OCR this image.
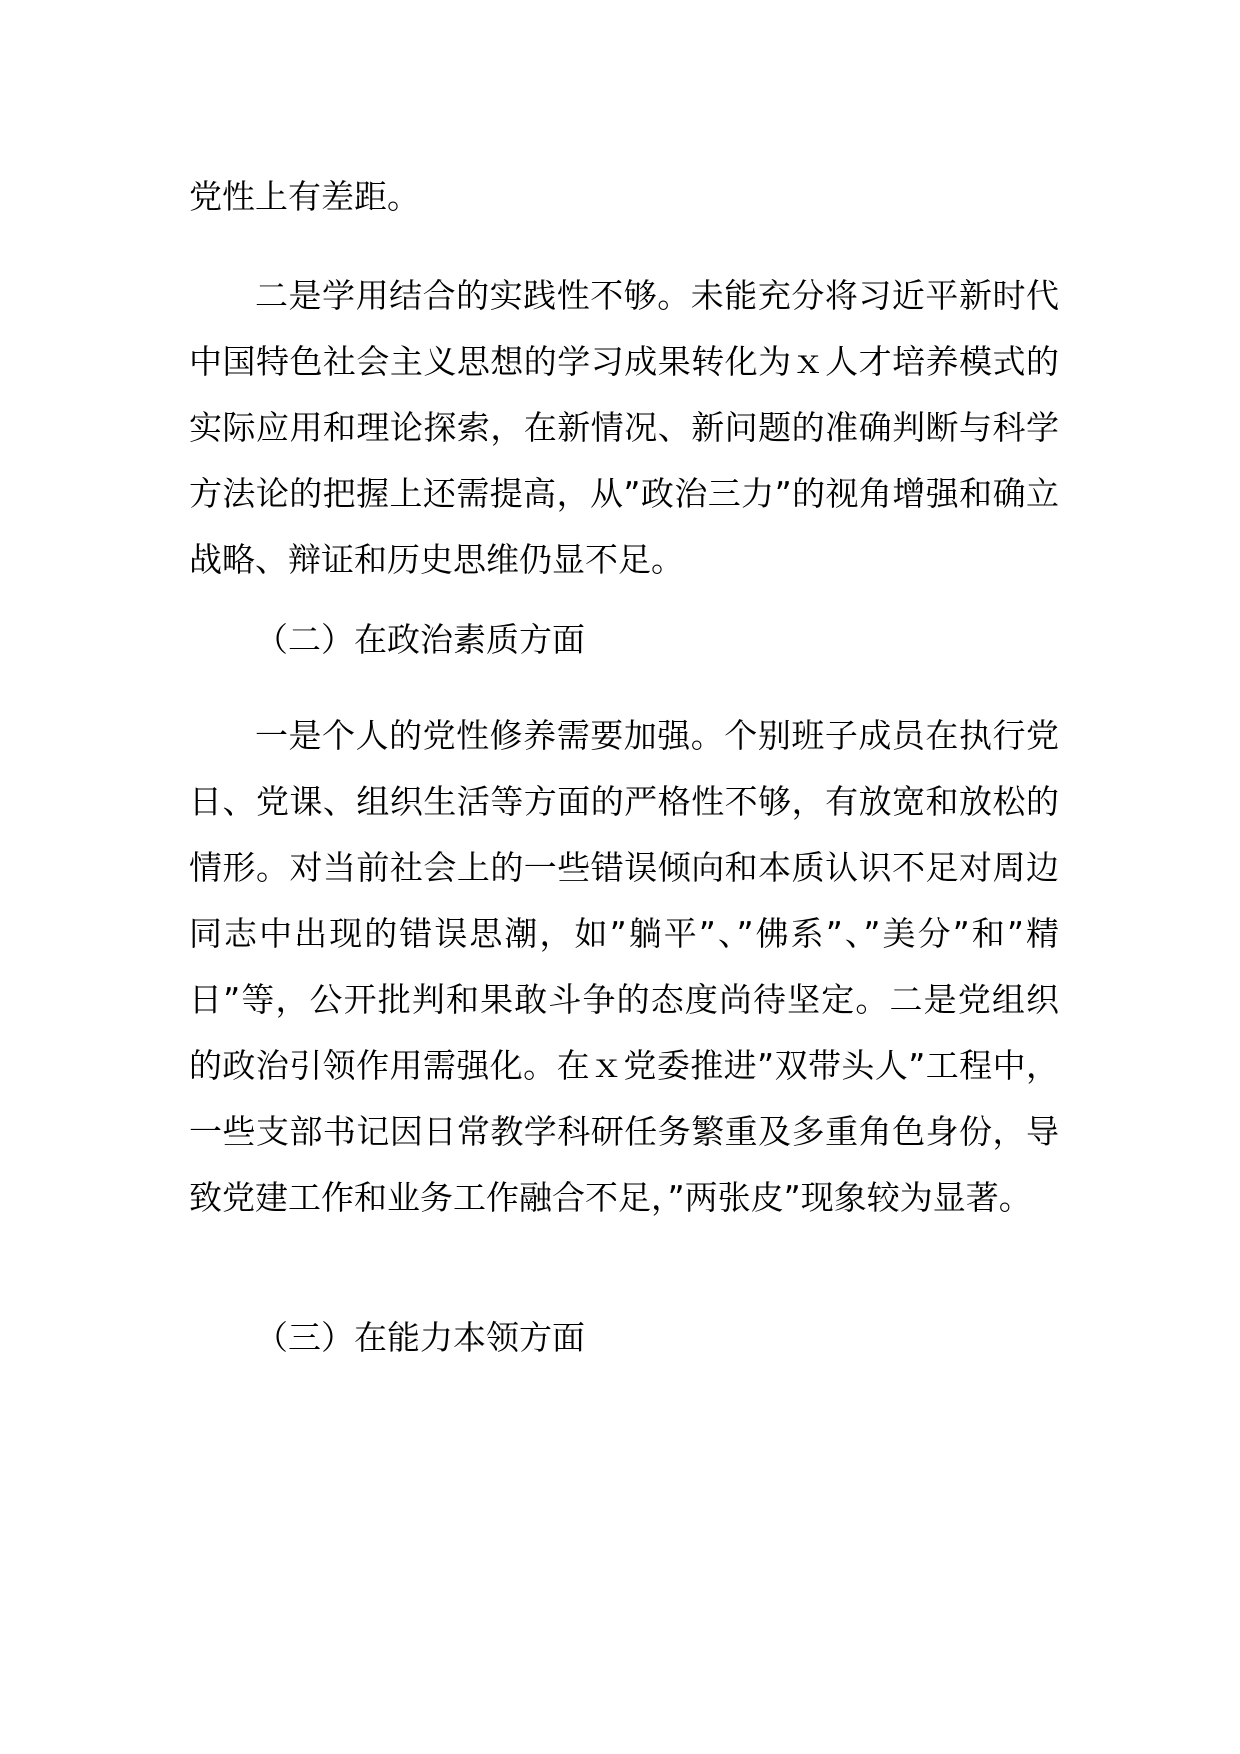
党性上有差距。

二是学用结合的实践性不够。未能充分将习近平新时代中国特色社会主义思想的学习成果转化为ｘ人才培养模式的实际应用和理论探索，在新情况、新问题的准确判断与科学方法论的把握上还需提高，从”政治三力”的视角增强和确立战略、辩证和历史思维仍显不足。

（二）在政治素质方面

一是个人的党性修养需要加强。个别班子成员在执行党日、党课、组织生活等方面的严格性不够，有放宽和放松的情形。对当前社会上的一些错误倾向和本质认识不足对周边同志中出现的错误思潮，如”躺平”、”佛系”、”美分”和”精日”等，公开批判和果敢斗争的态度尚待坚定。二是党组织的政治引领作用需强化。在ｘ党委推进”双带头人”工程中，一些支部书记因日常教学科研任务繁重及多重角色身份，导致党建工作和业务工作融合不足，”两张皮”现象较为显著。

（三）在能力本领方面
